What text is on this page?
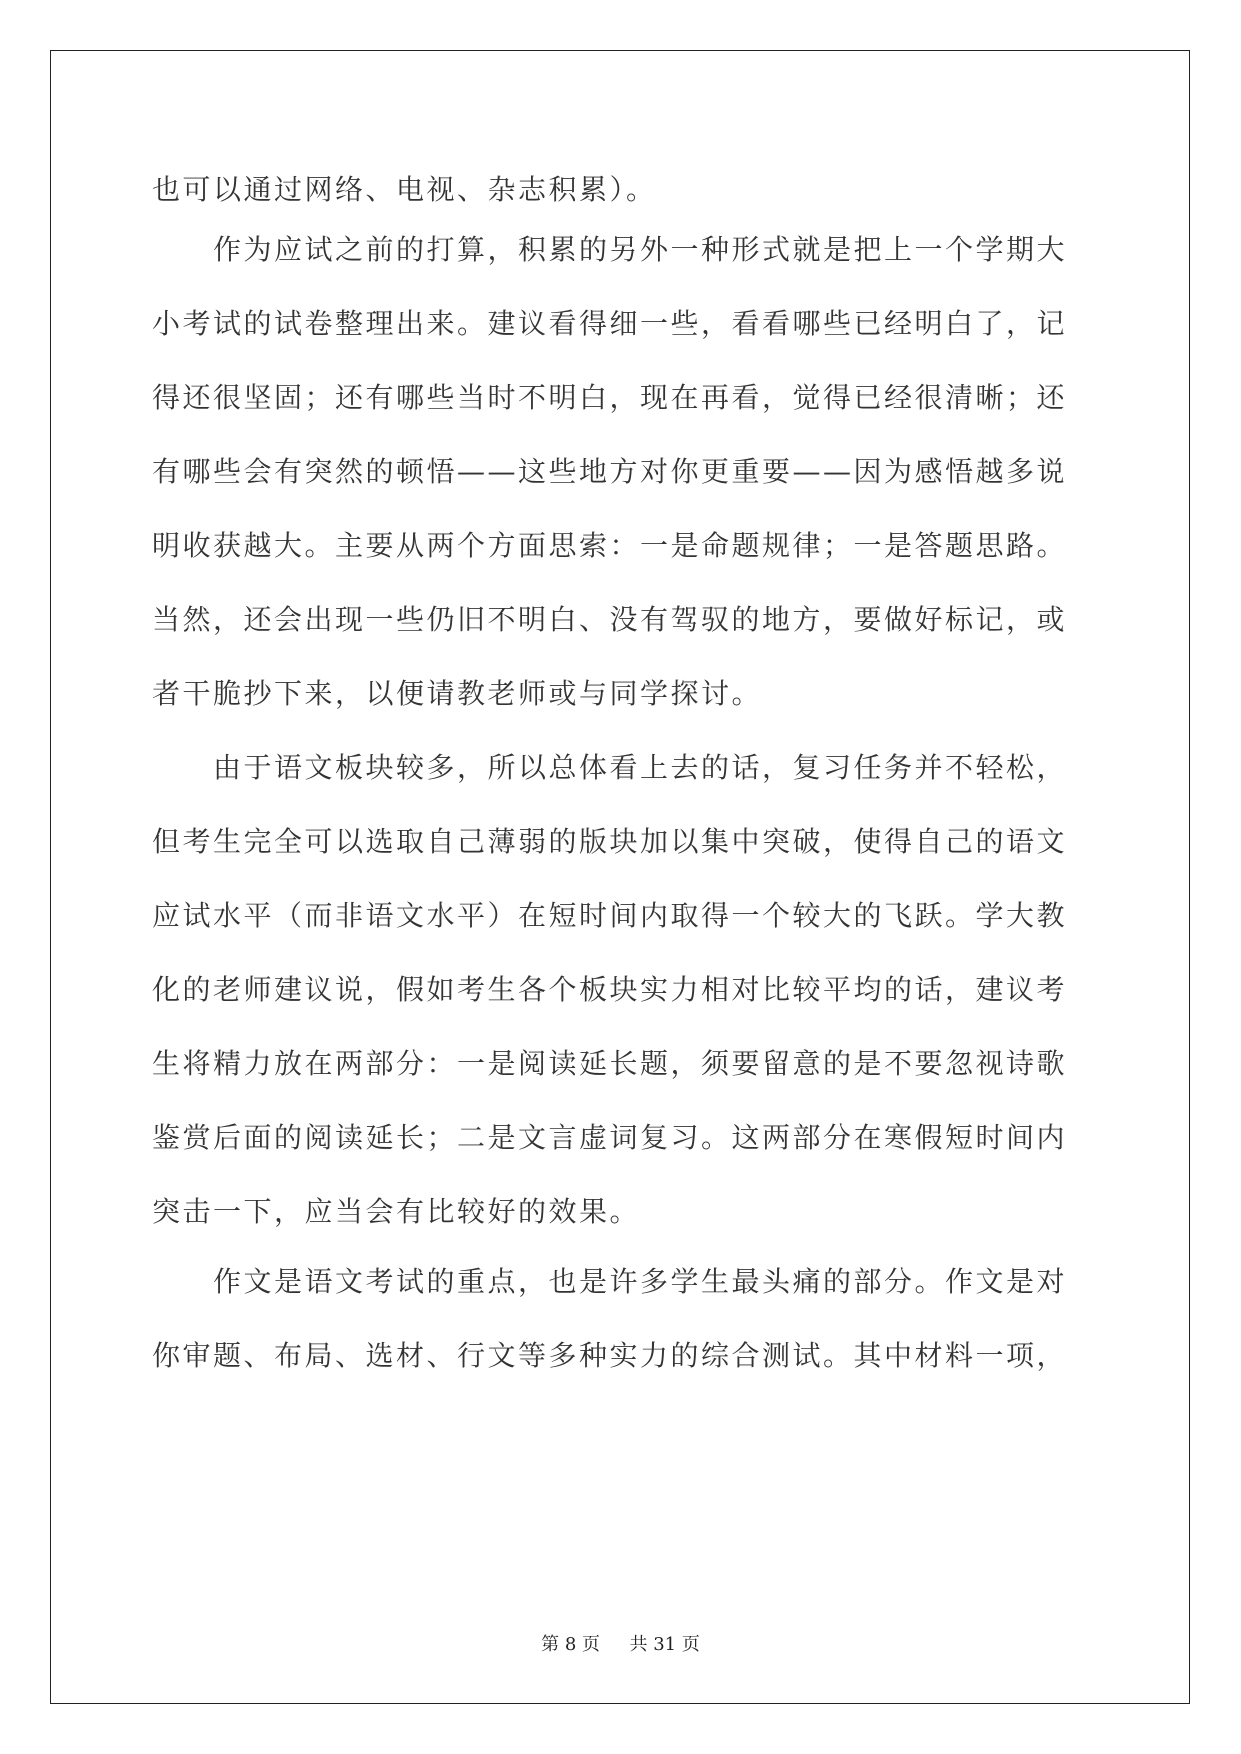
也可以通过网络、电视、杂志积累）。
　　作为应试之前的打算，积累的另外一种形式就是把上一个学期大
小考试的试卷整理出来。建议看得细一些，看看哪些已经明白了，记
得还很坚固；还有哪些当时不明白，现在再看，觉得已经很清晰；还
有哪些会有突然的顿悟——这些地方对你更重要——因为感悟越多说
明收获越大。主要从两个方面思索：一是命题规律；一是答题思路。
当然，还会出现一些仍旧不明白、没有驾驭的地方，要做好标记，或
者干脆抄下来，以便请教老师或与同学探讨。
　　由于语文板块较多，所以总体看上去的话，复习任务并不轻松，
但考生完全可以选取自己薄弱的版块加以集中突破，使得自己的语文
应试水平（而非语文水平）在短时间内取得一个较大的飞跃。学大教
化的老师建议说，假如考生各个板块实力相对比较平均的话，建议考
生将精力放在两部分：一是阅读延长题，须要留意的是不要忽视诗歌
鉴赏后面的阅读延长；二是文言虚词复习。这两部分在寒假短时间内
突击一下，应当会有比较好的效果。
　　作文是语文考试的重点，也是许多学生最头痛的部分。作文是对
你审题、布局、选材、行文等多种实力的综合测试。其中材料一项，
第 8 页 共 31 页
